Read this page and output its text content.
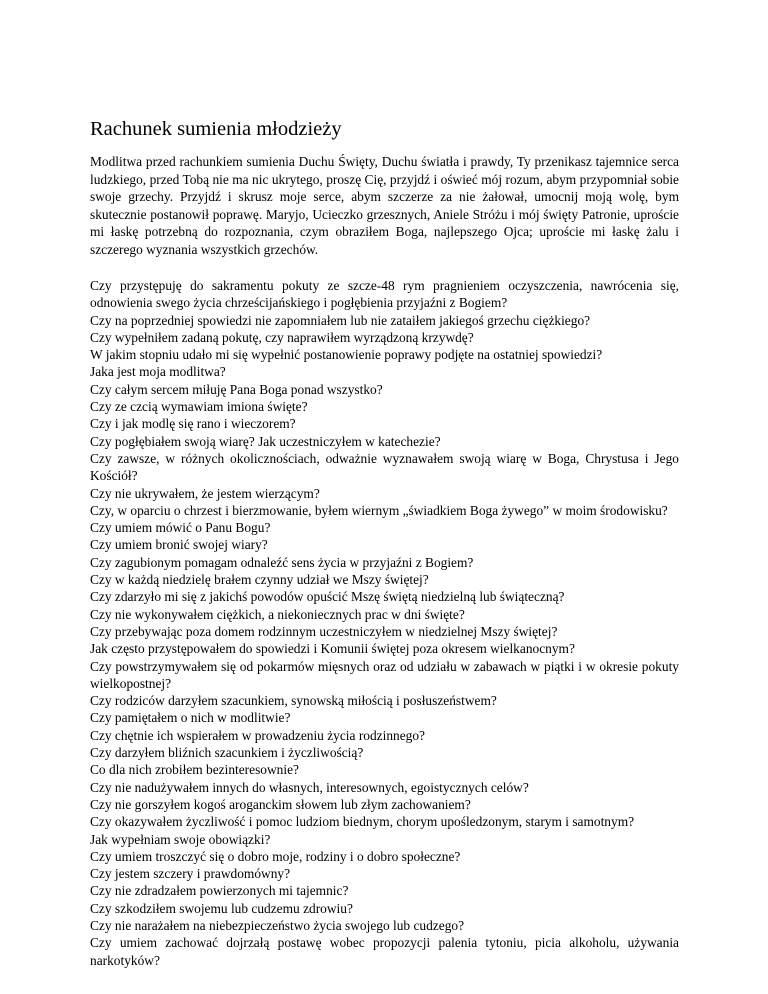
Rachunek sumienia młodzieży

Modlitwa przed rachunkiem sumienia Duchu Święty, Duchu światła i prawdy, Ty przenikasz tajemnice serca ludzkiego, przed Tobą nie ma nic ukrytego, proszę Cię, przyjdź i oświeć mój rozum, abym przypomniał sobie swoje grzechy. Przyjdź i skrusz moje serce, abym szczerze za nie żałował, umocnij moją wolę, bym skutecznie postanowił poprawę. Maryjo, Ucieczko grzesznych, Aniele Stróżu i mój święty Patronie, uproście mi łaskę potrzebną do rozpoznania, czym obraziłem Boga, najlepszego Ojca; uproście mi łaskę żalu i szczerego wyznania wszystkich grzechów.

Czy przystępuję do sakramentu pokuty ze szcze-48 rym pragnieniem oczyszczenia, nawrócenia się, odnowienia swego życia chrześcijańskiego i pogłębienia przyjaźni z Bogiem?
Czy na poprzedniej spowiedzi nie zapomniałem lub nie zataiłem jakiegoś grzechu ciężkiego?
Czy wypełniłem zadaną pokutę, czy naprawiłem wyrządzoną krzywdę?
W jakim stopniu udało mi się wypełnić postanowienie poprawy podjęte na ostatniej spowiedzi?
Jaka jest moja modlitwa?
Czy całym sercem miłuję Pana Boga ponad wszystko?
Czy ze czcią wymawiam imiona święte?
Czy i jak modlę się rano i wieczorem?
Czy pogłębiałem swoją wiarę? Jak uczestniczyłem w katechezie?
Czy zawsze, w różnych okolicznościach, odważnie wyznawałem swoją wiarę w Boga, Chrystusa i Jego Kościół?
Czy nie ukrywałem, że jestem wierzącym?
Czy, w oparciu o chrzest i bierzmowanie, byłem wiernym „świadkiem Boga żywego” w moim środowisku?
Czy umiem mówić o Panu Bogu?
Czy umiem bronić swojej wiary?
Czy zagubionym pomagam odnaleźć sens życia w przyjaźni z Bogiem?
Czy w każdą niedzielę brałem czynny udział we Mszy świętej?
Czy zdarzyło mi się z jakichś powodów opuścić Mszę świętą niedzielną lub świąteczną?
Czy nie wykonywałem ciężkich, a niekoniecznych prac w dni święte?
Czy przebywając poza domem rodzinnym uczestniczyłem w niedzielnej Mszy świętej?
Jak często przystępowałem do spowiedzi i Komunii świętej poza okresem wielkanocnym?
Czy powstrzymywałem się od pokarmów mięsnych oraz od udziału w zabawach w piątki i w okresie pokuty wielkopostnej?
Czy rodziców darzyłem szacunkiem, synowską miłością i posłuszeństwem?
Czy pamiętałem o nich w modlitwie?
Czy chętnie ich wspierałem w prowadzeniu życia rodzinnego?
Czy darzyłem bliźnich szacunkiem i życzliwością?
Co dla nich zrobiłem bezinteresownie?
Czy nie nadużywałem innych do własnych, interesownych, egoistycznych celów?
Czy nie gorszyłem kogoś aroganckim słowem lub złym zachowaniem?
Czy okazywałem życzliwość i pomoc ludziom biednym, chorym upośledzonym, starym i samotnym?
Jak wypełniam swoje obowiązki?
Czy umiem troszczyć się o dobro moje, rodziny i o dobro społeczne?
Czy jestem szczery i prawdomówny?
Czy nie zdradzałem powierzonych mi tajemnic?
Czy szkodziłem swojemu lub cudzemu zdrowiu?
Czy nie narażałem na niebezpieczeństwo życia swojego lub cudzego?
Czy umiem zachować dojrzałą postawę wobec propozycji palenia tytoniu, picia alkoholu, używania narkotyków?
